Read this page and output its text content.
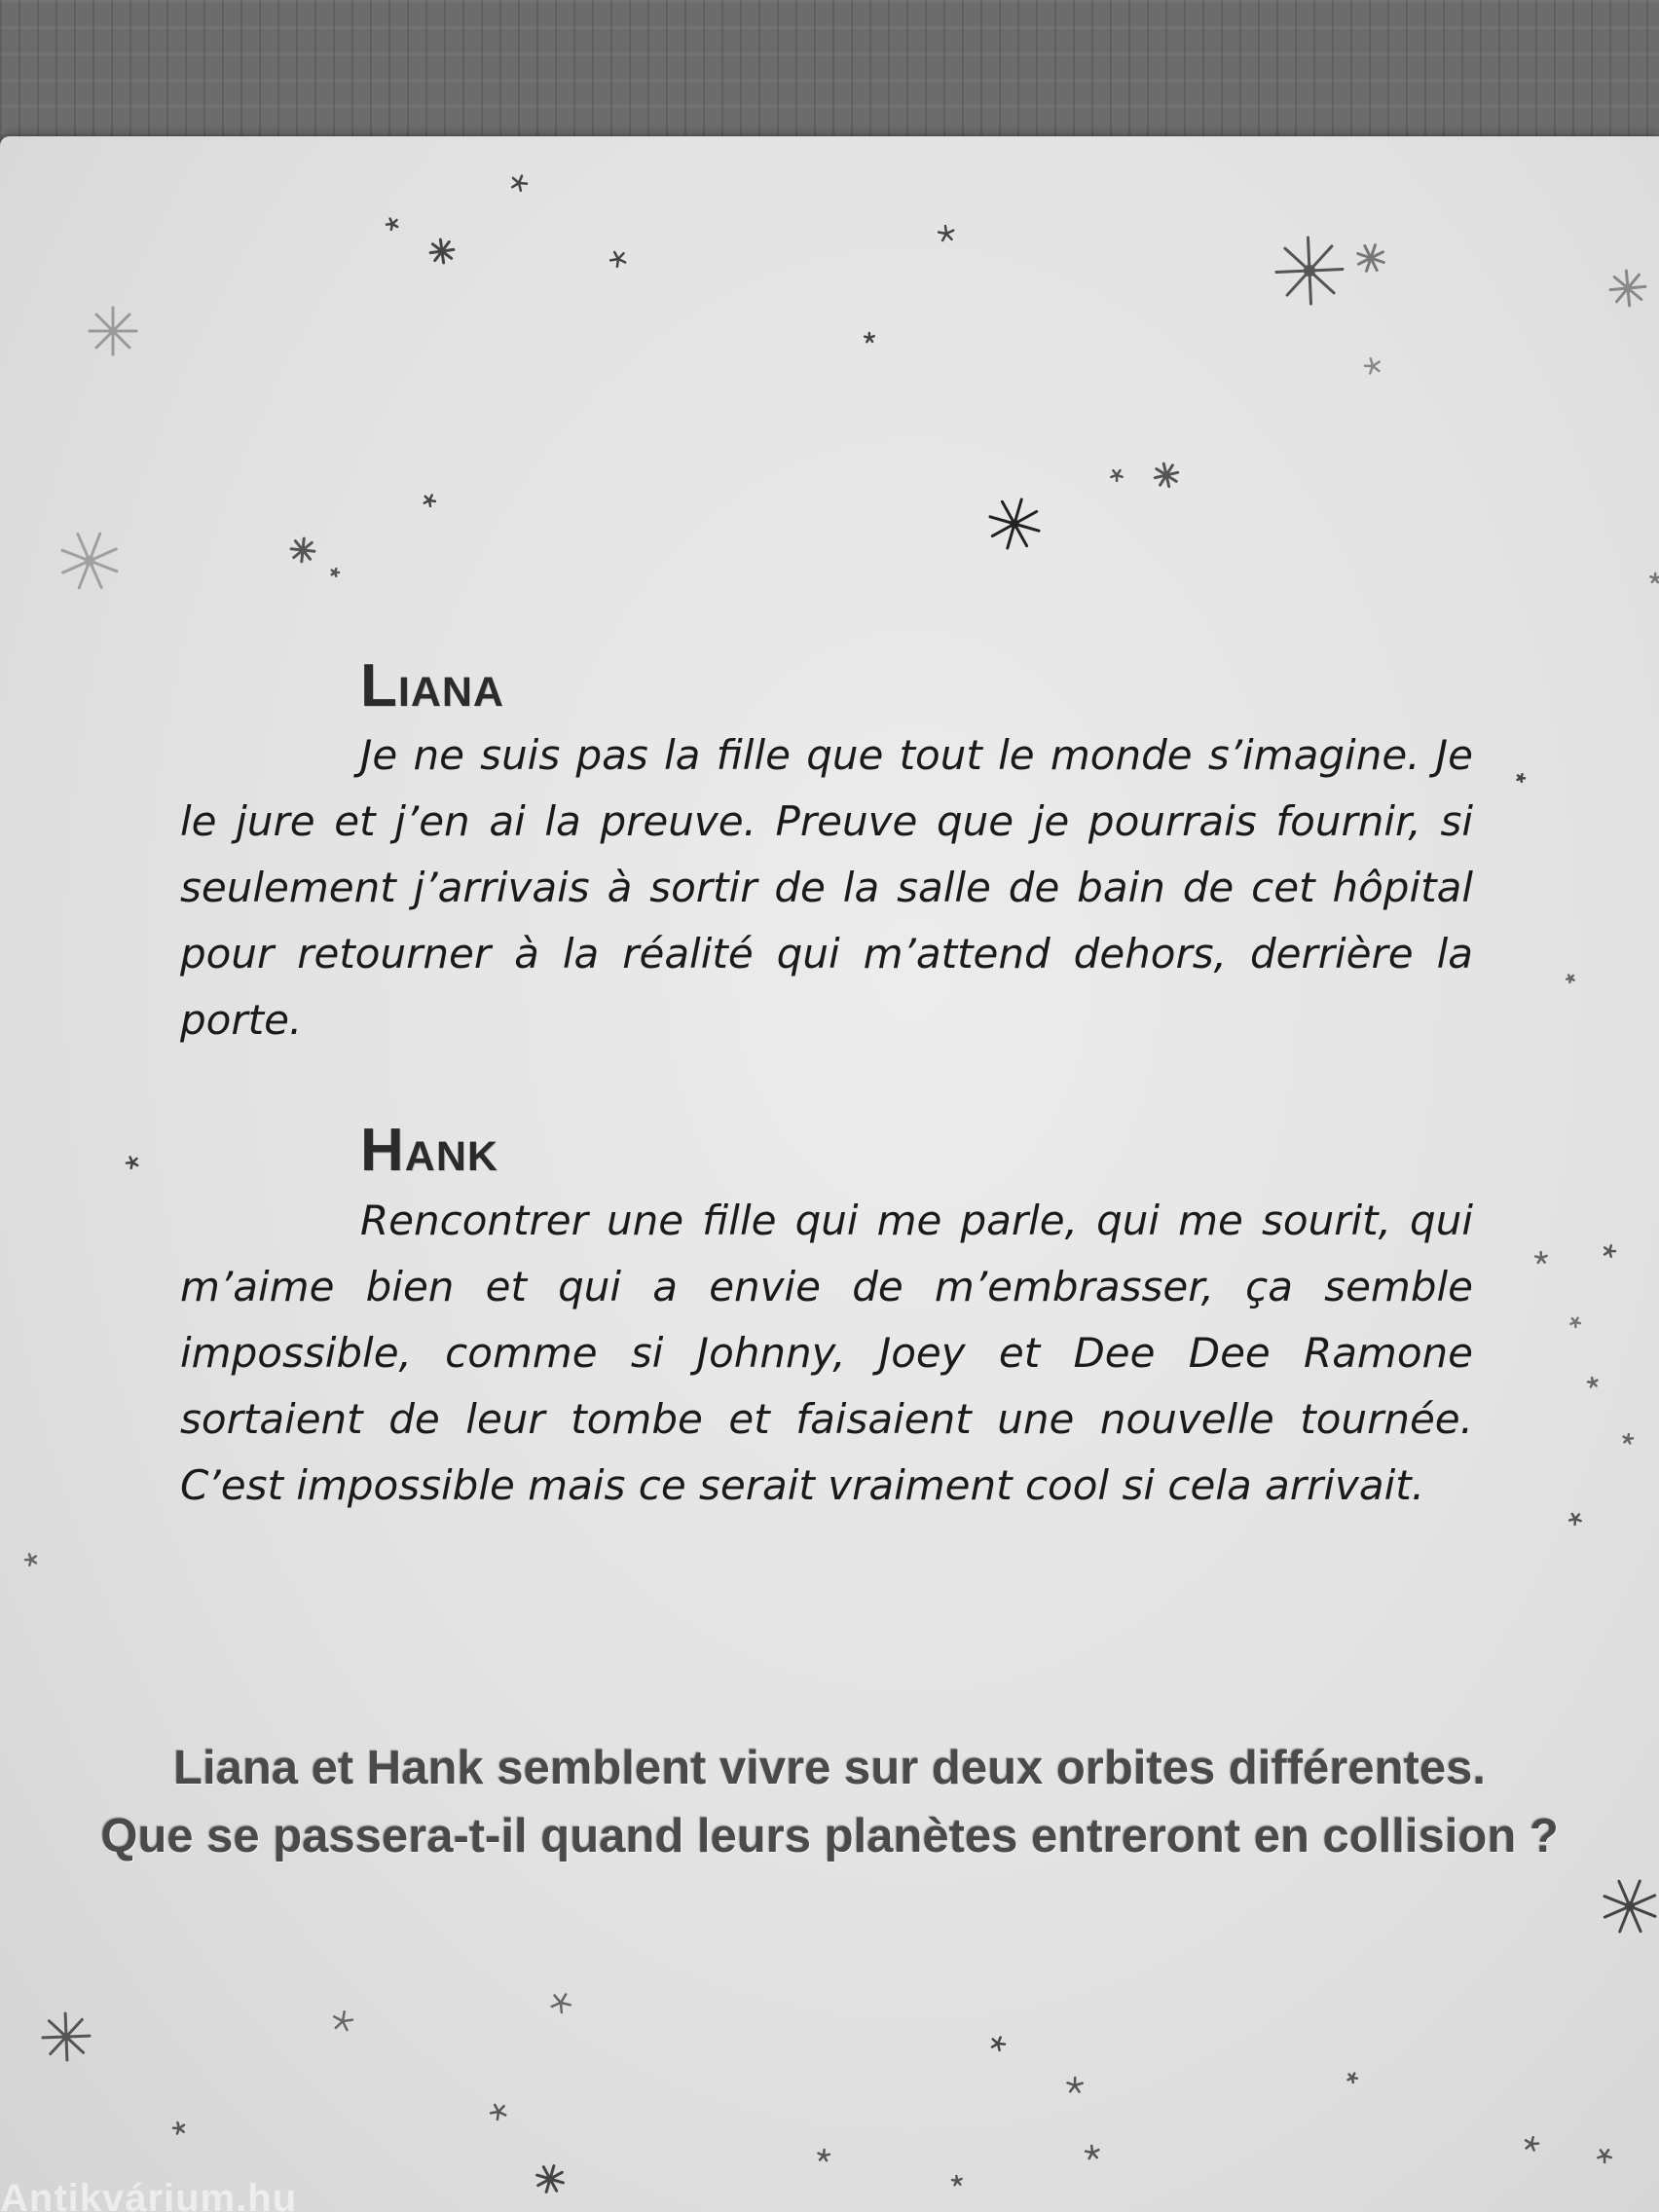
Liana

Je ne suis pas la fille que tout le monde s’imagine. Je le jure et j’en ai la preuve. Preuve que je pourrais fournir, si seulement j’arrivais à sortir de la salle de bain de cet hôpital pour retourner à la réalité qui m’attend dehors, derrière la porte.

Hank

Rencontrer une fille qui me parle, qui me sourit, qui m’aime bien et qui a envie de m’embrasser, ça semble impossible, comme si Johnny, Joey et Dee Dee Ramone sortaient de leur tombe et faisaient une nouvelle tournée. C’est impossible mais ce serait vraiment cool si cela arrivait.

Liana et Hank semblent vivre sur deux orbites différentes.

Que se passera-t-il quand leurs planètes entreront en collision ?

Antikvárium.hu
